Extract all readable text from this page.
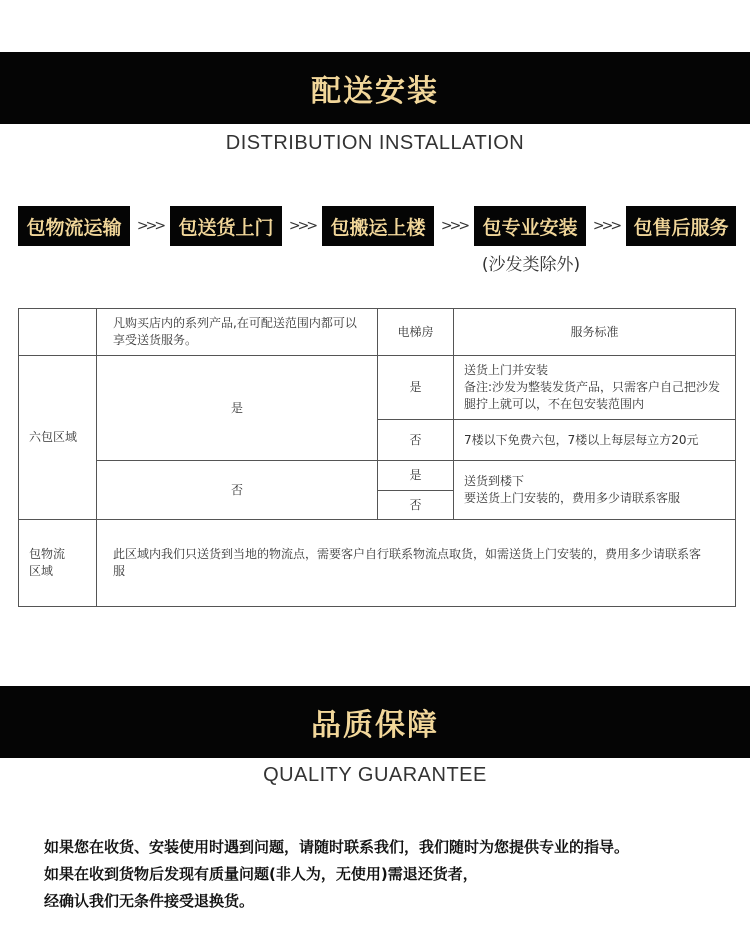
配送安装
DISTRIBUTION INSTALLATION
包物流运输	>>> 包送货上门	>>> 包搬运上楼	>>> 包专业安装	>>> 包售后服务
(沙发类除外)
	凡购买店内的系列产品,在可配送范围内都可以享受送货服务。	电梯房	服务标准
六包区域	是	是	送货上门并安装
备注:沙发为整装发货产品，只需客户自己把沙发腿拧上就可以，不在包安装范围内
		否	7楼以下免费六包，7楼以上每层每立方20元
	否	是	送货到楼下
要送货上门安装的，费用多少请联系客服
		否	
包物流
区域	此区域内我们只送货到当地的物流点，需要客户自行联系物流点取货，如需送货上门安装的，费用多少请联系客服		
品质保障
QUALITY GUARANTEE
如果您在收货、安装使用时遇到问题，请随时联系我们，我们随时为您提供专业的指导。
如果在收到货物后发现有质量问题(非人为，无使用)需退还货者，
经确认我们无条件接受退换货。
